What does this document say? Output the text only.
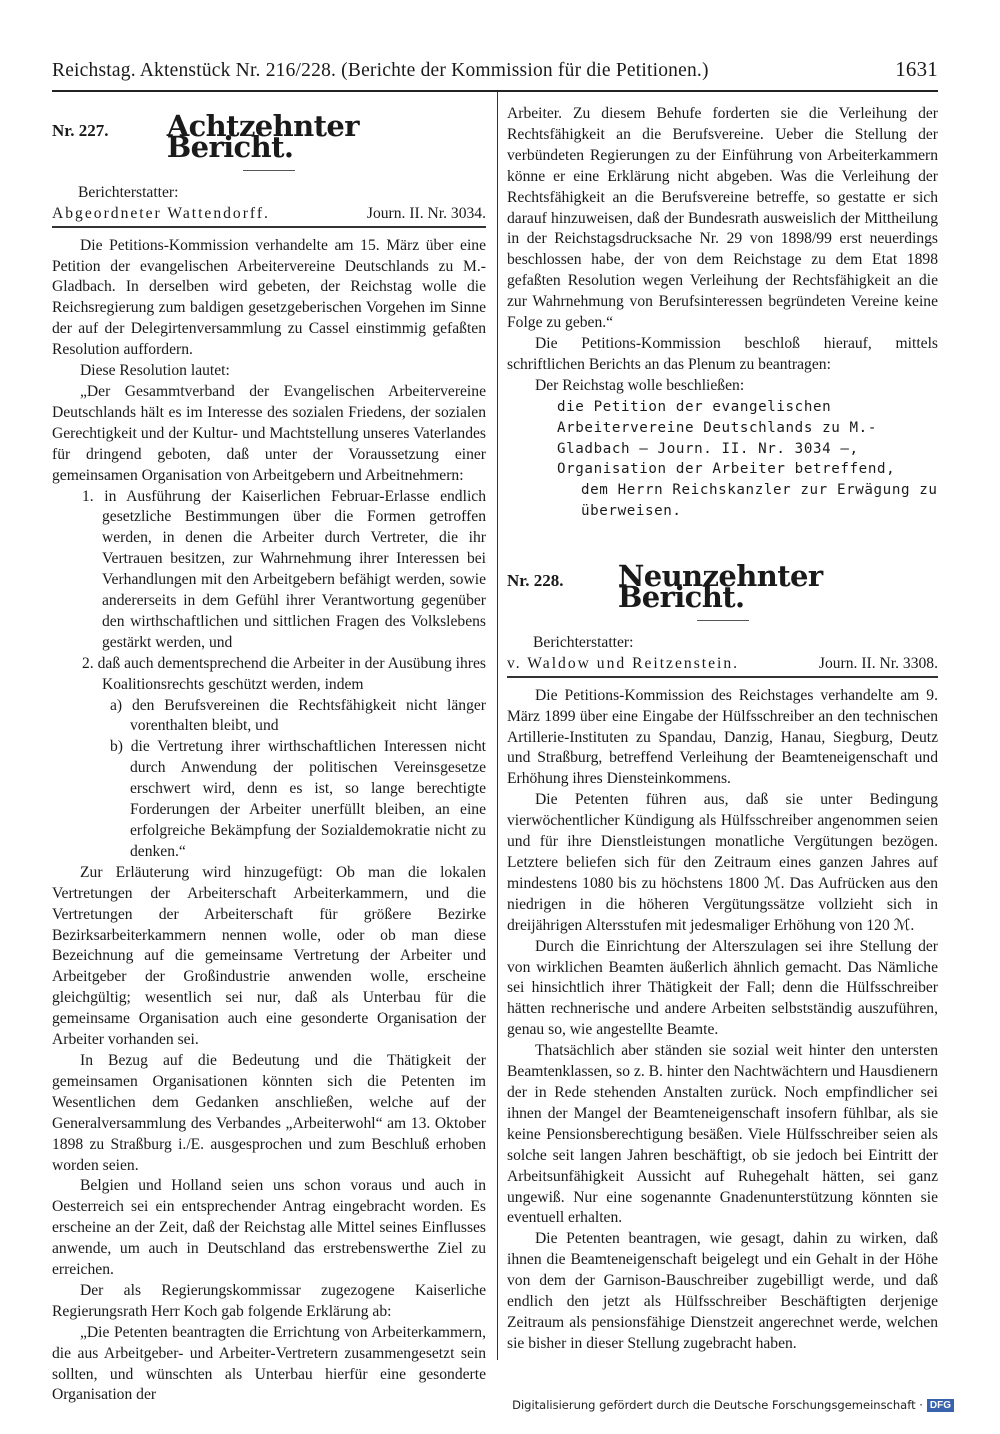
Reichstag. Aktenstück Nr. 216/228. (Berichte der Kommission für die Petitionen.)	1631
Nr. 227.	Achtzehnter Bericht.

Berichterstatter:

Abgeordneter Wattendorff.	Journ. II. Nr. 3034.

Die Petitions-Kommission verhandelte am 15. März über eine Petition der evangelischen Arbeitervereine Deutschlands zu M.-Gladbach. In derselben wird gebeten, der Reichstag wolle die Reichsregierung zum baldigen gesetzgeberischen Vorgehen im Sinne der auf der Delegirtenversammlung zu Cassel einstimmig gefaßten Resolution auffordern.

Diese Resolution lautet:

„Der Gesammtverband der Evangelischen Arbeitervereine Deutschlands hält es im Interesse des sozialen Friedens, der sozialen Gerechtigkeit und der Kultur- und Machtstellung unseres Vaterlandes für dringend geboten, daß unter der Voraussetzung einer gemeinsamen Organisation von Arbeitgebern und Arbeitnehmern:

1. in Ausführung der Kaiserlichen Februar-Erlasse endlich gesetzliche Bestimmungen über die Formen getroffen werden, in denen die Arbeiter durch Vertreter, die ihr Vertrauen besitzen, zur Wahrnehmung ihrer Interessen bei Verhandlungen mit den Arbeitgebern befähigt werden, sowie andererseits in dem Gefühl ihrer Verantwortung gegenüber den wirthschaftlichen und sittlichen Fragen des Volkslebens gestärkt werden, und

2. daß auch dementsprechend die Arbeiter in der Ausübung ihres Koalitionsrechts geschützt werden, indem

a) den Berufsvereinen die Rechtsfähigkeit nicht länger vorenthalten bleibt, und

b) die Vertretung ihrer wirthschaftlichen Interessen nicht durch Anwendung der politischen Vereinsgesetze erschwert wird, denn es ist, so lange berechtigte Forderungen der Arbeiter unerfüllt bleiben, an eine erfolgreiche Bekämpfung der Sozialdemokratie nicht zu denken.“

Zur Erläuterung wird hinzugefügt: Ob man die lokalen Vertretungen der Arbeiterschaft Arbeiterkammern, und die Vertretungen der Arbeiterschaft für größere Bezirke Bezirksarbeiterkammern nennen wolle, oder ob man diese Bezeichnung auf die gemeinsame Vertretung der Arbeiter und Arbeitgeber der Großindustrie anwenden wolle, erscheine gleichgültig; wesentlich sei nur, daß als Unterbau für die gemeinsame Organisation auch eine gesonderte Organisation der Arbeiter vorhanden sei.

In Bezug auf die Bedeutung und die Thätigkeit der gemeinsamen Organisationen könnten sich die Petenten im Wesentlichen dem Gedanken anschließen, welche auf der Generalversammlung des Verbandes „Arbeiterwohl“ am 13. Oktober 1898 zu Straßburg i./E. ausgesprochen und zum Beschluß erhoben worden seien.

Belgien und Holland seien uns schon voraus und auch in Oesterreich sei ein entsprechender Antrag eingebracht worden. Es erscheine an der Zeit, daß der Reichstag alle Mittel seines Einflusses anwende, um auch in Deutschland das erstrebenswerthe Ziel zu erreichen.

Der als Regierungskommissar zugezogene Kaiserliche Regierungsrath Herr Koch gab folgende Erklärung ab:

„Die Petenten beantragten die Errichtung von Arbeiterkammern, die aus Arbeitgeber- und Arbeiter-Vertretern zusammengesetzt sein sollten, und wünschten als Unterbau hierfür eine gesonderte Organisation der

Arbeiter. Zu diesem Behufe forderten sie die Verleihung der Rechtsfähigkeit an die Berufsvereine. Ueber die Stellung der verbündeten Regierungen zu der Einführung von Arbeiterkammern könne er eine Erklärung nicht abgeben. Was die Verleihung der Rechtsfähigkeit an die Berufsvereine betreffe, so gestatte er sich darauf hinzuweisen, daß der Bundesrath ausweislich der Mittheilung in der Reichstagsdrucksache Nr. 29 von 1898/99 erst neuerdings beschlossen habe, der von dem Reichstage zu dem Etat 1898 gefaßten Resolution wegen Verleihung der Rechtsfähigkeit an die zur Wahrnehmung von Berufsinteressen begründeten Vereine keine Folge zu geben.“

Die Petitions-Kommission beschloß hierauf, mittels schriftlichen Berichts an das Plenum zu beantragen:

Der Reichstag wolle beschließen:

die Petition der evangelischen Arbeitervereine Deutschlands zu M.-Gladbach — Journ. II. Nr. 3034 —, Organisation der Arbeiter betreffend,

dem Herrn Reichskanzler zur Erwägung zu überweisen.

Nr. 228.	Neunzehnter Bericht.

Berichterstatter:

v. Waldow und Reitzenstein.	Journ. II. Nr. 3308.

Die Petitions-Kommission des Reichstages verhandelte am 9. März 1899 über eine Eingabe der Hülfsschreiber an den technischen Artillerie-Instituten zu Spandau, Danzig, Hanau, Siegburg, Deutz und Straßburg, betreffend Verleihung der Beamteneigenschaft und Erhöhung ihres Diensteinkommens.

Die Petenten führen aus, daß sie unter Bedingung vierwöchentlicher Kündigung als Hülfsschreiber angenommen seien und für ihre Dienstleistungen monatliche Vergütungen bezögen. Letztere beliefen sich für den Zeitraum eines ganzen Jahres auf mindestens 1080 bis zu höchstens 1800 ℳ. Das Aufrücken aus den niedrigen in die höheren Vergütungssätze vollzieht sich in dreijährigen Altersstufen mit jedesmaliger Erhöhung von 120 ℳ.

Durch die Einrichtung der Alterszulagen sei ihre Stellung der von wirklichen Beamten äußerlich ähnlich gemacht. Das Nämliche sei hinsichtlich ihrer Thätigkeit der Fall; denn die Hülfsschreiber hätten rechnerische und andere Arbeiten selbstständig auszuführen, genau so, wie angestellte Beamte.

Thatsächlich aber ständen sie sozial weit hinter den untersten Beamtenklassen, so z. B. hinter den Nachtwächtern und Hausdienern der in Rede stehenden Anstalten zurück. Noch empfindlicher sei ihnen der Mangel der Beamteneigenschaft insofern fühlbar, als sie keine Pensionsberechtigung besäßen. Viele Hülfsschreiber seien als solche seit langen Jahren beschäftigt, ob sie jedoch bei Eintritt der Arbeitsunfähigkeit Aussicht auf Ruhegehalt hätten, sei ganz ungewiß. Nur eine sogenannte Gnadenunterstützung könnten sie eventuell erhalten.

Die Petenten beantragen, wie gesagt, dahin zu wirken, daß ihnen die Beamteneigenschaft beigelegt und ein Gehalt in der Höhe von dem der Garnison-Bauschreiber zugebilligt werde, und daß endlich den jetzt als Hülfsschreiber Beschäftigten derjenige Zeitraum als pensionsfähige Dienstzeit angerechnet werde, welchen sie bisher in dieser Stellung zugebracht haben.

Digitalisierung gefördert durch die Deutsche Forschungsgemeinschaft · DFG
